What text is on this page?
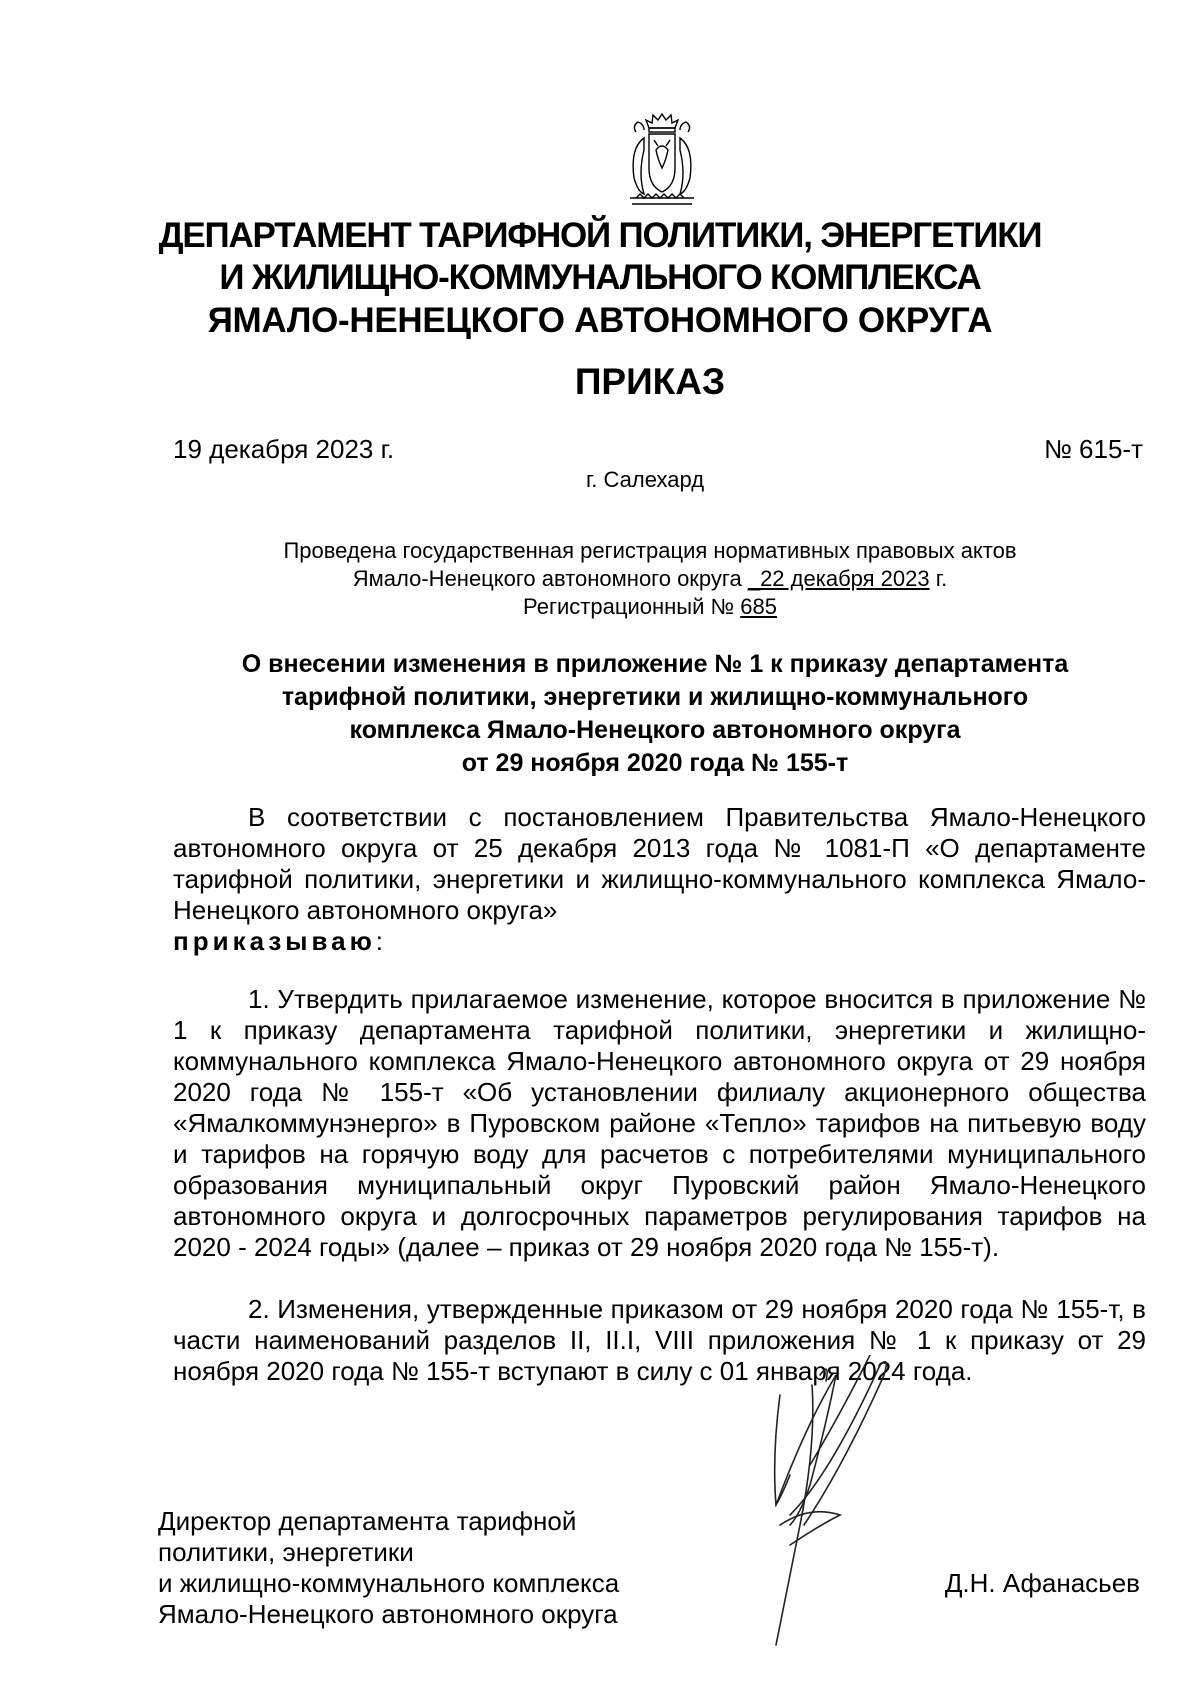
ДЕПАРТАМЕНТ ТАРИФНОЙ ПОЛИТИКИ, ЭНЕРГЕТИКИ
И ЖИЛИЩНО-КОММУНАЛЬНОГО КОМПЛЕКСА
ЯМАЛО-НЕНЕЦКОГО АВТОНОМНОГО ОКРУГА
ПРИКАЗ
19 декабря 2023 г.	№ 615-т
г. Салехард
Проведена государственная регистрация нормативных правовых актов
Ямало-Ненецкого автономного округа _22 декабря 2023 г.
Регистрационный № 685
О внесении изменения в приложение № 1 к приказу департамента
тарифной политики, энергетики и жилищно-коммунального
комплекса Ямало-Ненецкого автономного округа
от 29 ноября 2020 года № 155-т
В соответствии с постановлением Правительства Ямало-Ненецкого автономного округа от 25 декабря 2013 года № 1081-П «О департаменте тарифной политики, энергетики и жилищно-коммунального комплекса Ямало-Ненецкого автономного округа»
приказываю:
1. Утвердить прилагаемое изменение, которое вносится в приложение № 1 к приказу департамента тарифной политики, энергетики и жилищно-коммунального комплекса Ямало-Ненецкого автономного округа от 29 ноября 2020 года № 155-т «Об установлении филиалу акционерного общества «Ямалкоммунэнерго» в Пуровском районе «Тепло» тарифов на питьевую воду и тарифов на горячую воду для расчетов с потребителями муниципального образования муниципальный округ Пуровский район Ямало-Ненецкого автономного округа и долгосрочных параметров регулирования тарифов на 2020 - 2024 годы» (далее – приказ от 29 ноября 2020 года № 155-т).
2. Изменения, утвержденные приказом от 29 ноября 2020 года № 155-т, в части наименований разделов II, II.I, VIII приложения № 1 к приказу от 29 ноября 2020 года № 155-т вступают в силу с 01 января 2024 года.
Директор департамента тарифной
политики, энергетики
и жилищно-коммунального комплекса
Ямало-Ненецкого автономного округа
Д.Н. Афанасьев
